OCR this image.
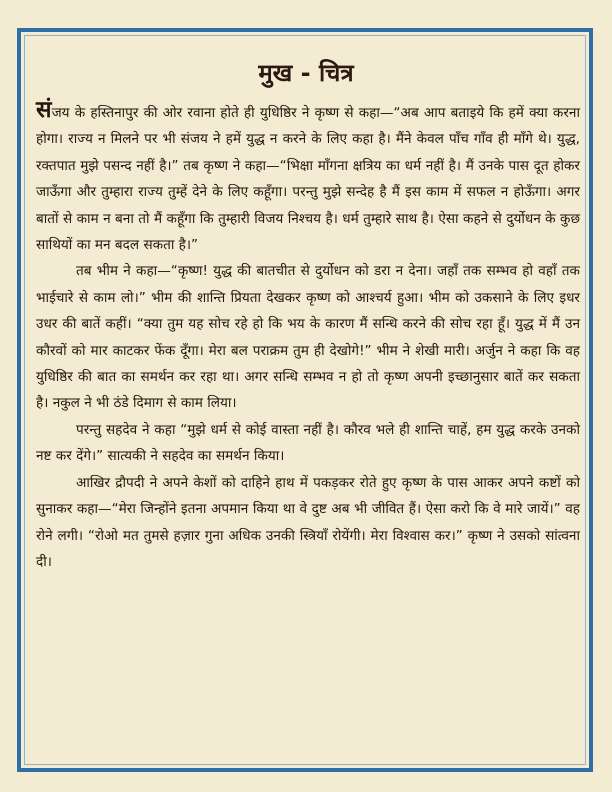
मुख - चित्र

संजय के हस्तिनापुर की ओर रवाना होते ही युधिष्ठिर ने कृष्ण से कहा—“अब आप बताइये कि हमें क्या करना होगा। राज्य न मिलने पर भी संजय ने हमें युद्ध न करने के लिए कहा है। मैंने केवल पाँच गाँव ही माँगे थे। युद्ध, रक्तपात मुझे पसन्द नहीं है।” तब कृष्ण ने कहा—“भिक्षा माँगना क्षत्रिय का धर्म नहीं है। मैं उनके पास दूत होकर जाऊँगा और तुम्हारा राज्य तुम्हें देने के लिए कहूँगा। परन्तु मुझे सन्देह है मैं इस काम में सफल न होऊँगा। अगर बातों से काम न बना तो मैं कहूँगा कि तुम्हारी विजय निश्चय है। धर्म तुम्हारे साथ है। ऐसा कहने से दुर्योधन के कुछ साथियों का मन बदल सकता है।”

तब भीम ने कहा—“कृष्ण! युद्ध की बातचीत से दुर्योधन को डरा न देना। जहाँ तक सम्भव हो वहाँ तक भाईचारे से काम लो।” भीम की शान्ति प्रियता देखकर कृष्ण को आश्चर्य हुआ। भीम को उकसाने के लिए इधर उधर की बातें कहीं। “क्या तुम यह सोच रहे हो कि भय के कारण मैं सन्धि करने की सोच रहा हूँ। युद्ध में मैं उन कौरवों को मार काटकर फेंक दूँगा। मेरा बल पराक्रम तुम ही देखोगे!” भीम ने शेखी मारी। अर्जुन ने कहा कि वह युधिष्ठिर की बात का समर्थन कर रहा था। अगर सन्धि सम्भव न हो तो कृष्ण अपनी इच्छानुसार बातें कर सकता है। नकुल ने भी ठंडे दिमाग से काम लिया।

परन्तु सहदेव ने कहा “मुझे धर्म से कोई वास्ता नहीं है। कौरव भले ही शान्ति चाहें, हम युद्ध करके उनको नष्ट कर देंगे।” सात्यकी ने सहदेव का समर्थन किया।

आखिर द्रौपदी ने अपने केशों को दाहिने हाथ में पकड़कर रोते हुए कृष्ण के पास आकर अपने कष्टों को सुनाकर कहा—“मेरा जिन्होंने इतना अपमान किया था वे दुष्ट अब भी जीवित हैं। ऐसा करो कि वे मारे जायें।” वह रोने लगी। “रोओ मत तुमसे हज़ार गुना अधिक उनकी स्त्रियाँ रोयेंगी। मेरा विश्वास कर।” कृष्ण ने उसको सांत्वना दी।
